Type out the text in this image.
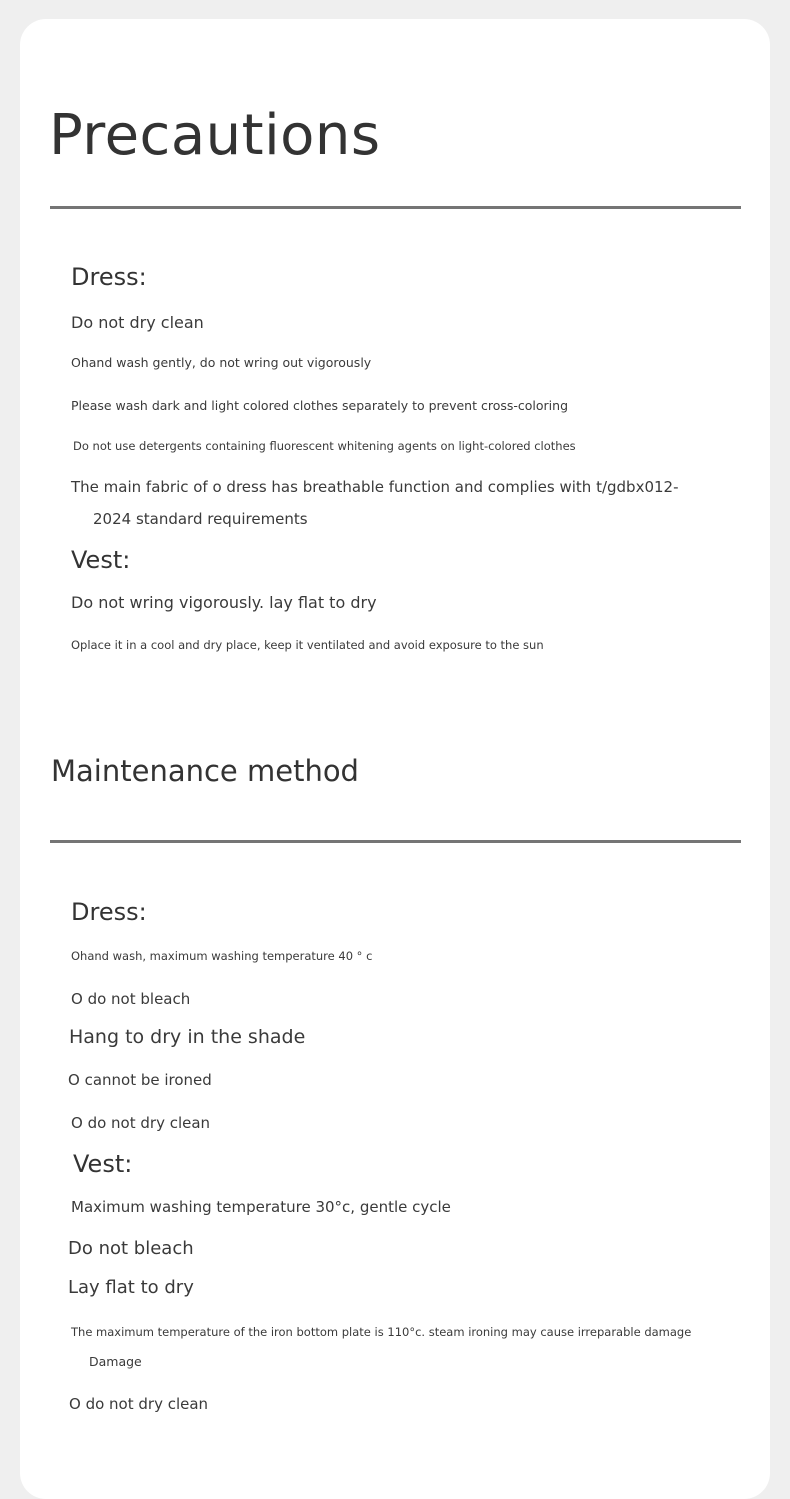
Precautions
Dress:
Do not dry clean
Ohand wash gently, do not wring out vigorously
Please wash dark and light colored clothes separately to prevent cross-coloring
Do not use detergents containing fluorescent whitening agents on light-colored clothes
The main fabric of o dress has breathable function and complies with t/gdbx012-
2024 standard requirements
Vest:
Do not wring vigorously. lay flat to dry
Oplace it in a cool and dry place, keep it ventilated and avoid exposure to the sun
Maintenance method
Dress:
Ohand wash, maximum washing temperature 40 ° c
O do not bleach
Hang to dry in the shade
O cannot be ironed
O do not dry clean
Vest:
Maximum washing temperature 30°c, gentle cycle
Do not bleach
Lay flat to dry
The maximum temperature of the iron bottom plate is 110°c. steam ironing may cause irreparable damage
Damage
O do not dry clean
